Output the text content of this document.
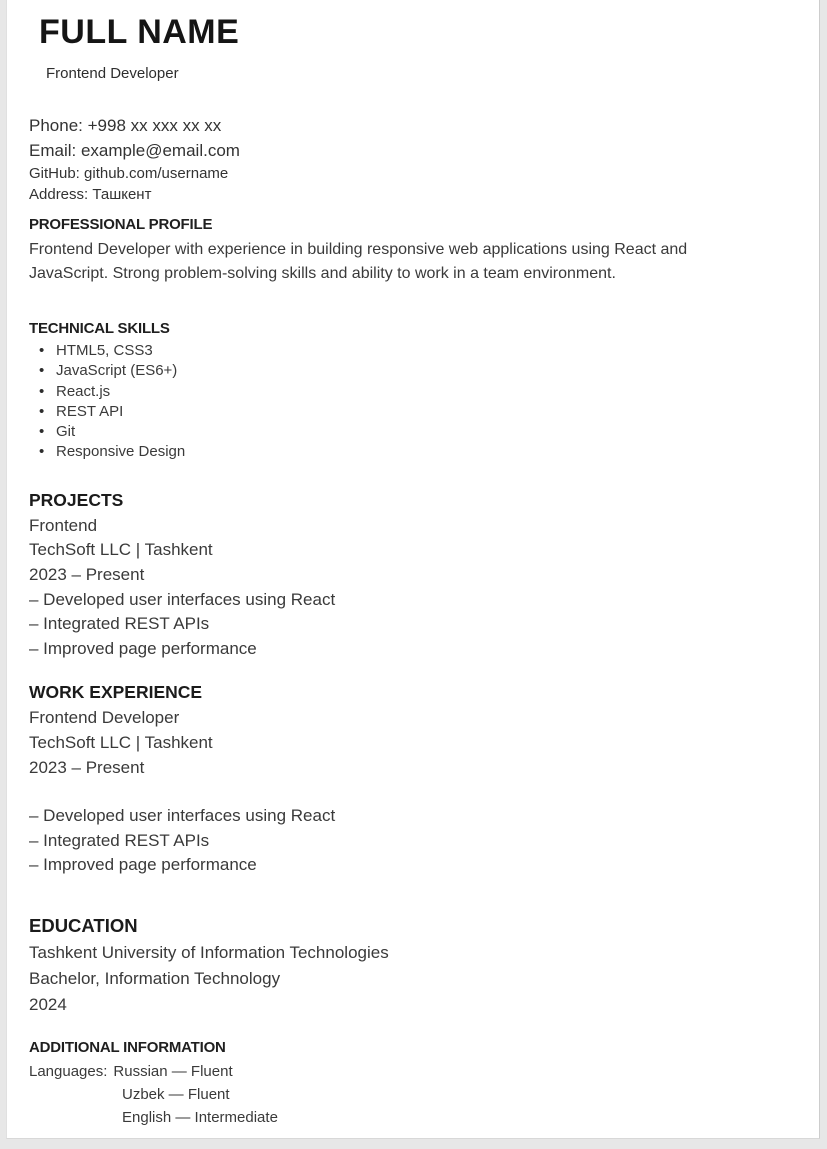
FULL NAME
Frontend Developer
Phone: +998 xx xxx xx xx
Email: example@email.com
GitHub: github.com/username
Address: Ташкент
PROFESSIONAL PROFILE

Frontend Developer with experience in building responsive web applications using React and JavaScript. Strong problem-solving skills and ability to work in a team environment.

TECHNICAL SKILLS
• HTML5, CSS3
• JavaScript (ES6+)
• React.js
• REST API
• Git
• Responsive Design
PROJECTS
Frontend
TechSoft LLC | Tashkent
2023 – Present
– Developed user interfaces using React
– Integrated REST APIs
– Improved page performance
WORK EXPERIENCE
Frontend Developer
TechSoft LLC | Tashkent
2023 – Present
– Developed user interfaces using React
– Integrated REST APIs
– Improved page performance
EDUCATION
Tashkent University of Information Technologies
Bachelor, Information Technology
2024
ADDITIONAL INFORMATION
Languages: Russian — Fluent
Uzbek — Fluent
English — Intermediate
